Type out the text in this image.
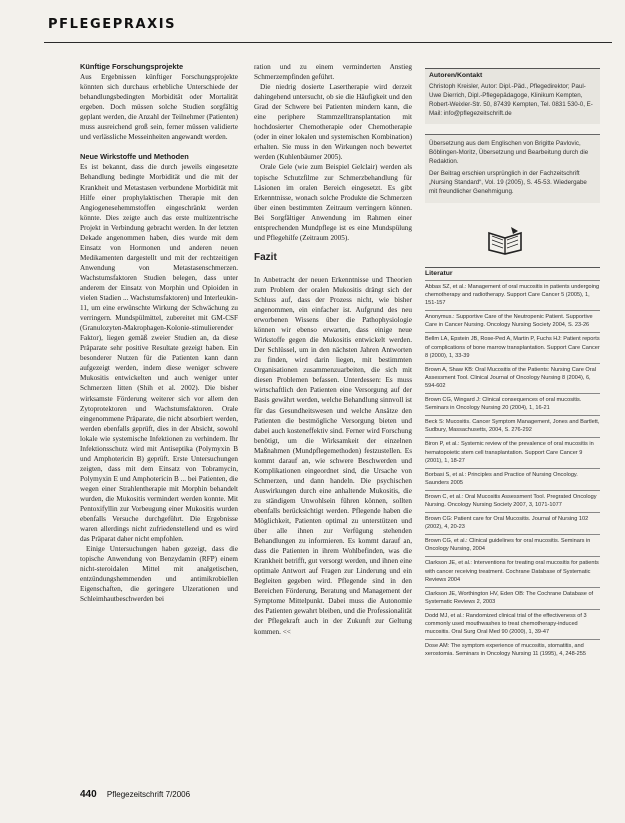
PFLEGEPRAXIS

Künftige Forschungsprojekte

Aus Ergebnissen künftiger Forschungsprojekte könnten sich durchaus erhebliche Unterschiede der behandlungsbedingten Morbidität oder Mortalität ergeben. Doch müssen solche Studien sorgfältig geplant werden, die Anzahl der Teilnehmer (Patienten) muss ausreichend groß sein, ferner müssen validierte und verlässliche Messeinheiten angewandt werden.

Neue Wirkstoffe und Methoden

Es ist bekannt, dass die durch jeweils eingesetzte Behandlung bedingte Morbidität und die mit der Krankheit und Metastasen verbundene Morbidität mit Hilfe einer prophylaktischen Therapie mit den Angiogenesehemmstoffen eingeschränkt werden könnte. Dies zeigte auch das erste multizentrische Projekt in Verbindung gebracht werden. In der letzten Dekade angenommen haben, dies wurde mit dem Einsatz von Hormonen und anderen neuen Medikamenten dargestellt und mit der rechtzeitigen Anwendung von Metastasenschmerzen. Wachstumsfaktoren Studien belegen, dass unter anderem der Einsatz von Morphin und Opioiden in vielen Stadien ... Wachstumsfaktoren) und Interleukin-11, um eine erwünschte Wirkung der Schwächung zu verringern. Mundspülmittel, zubereitet mit GM-CSF (Granulozyten-Makrophagen-Kolonie-stimulierender Faktor), liegen gemäß zweier Studien an, da diese Präparate sehr positive Resultate gezeigt haben. Ein besonderer Nutzen für die Patienten kann dann aufgezeigt werden, indem diese weniger schwere Mukositis entwickelten und auch weniger unter Schmerzen litten (Shih et al. 2002). Die bisher wirksamste Förderung weiterer sich vor allem den Zytoprotektoren und Wachstumsfaktoren. Orale eingenommene Präparate, die nicht absorbiert werden, werden ebenfalls geprüft, dies in der Absicht, sowohl lokale wie systemische Infektionen zu verhindern. Ihr Infektionsschutz wird mit Antiseptika (Polymyxin B und Amphotericin B) geprüft. Erste Untersuchungen zeigten, dass mit dem Einsatz von Tobramycin, Polymyxin E und Amphotericin B ... bei Patienten, die wegen einer Strahlentherapie mit Morphin behandelt wurden, die Mukositis vermindert werden konnte. Mit Pentoxifyllin zur Vorbeugung einer Mukositis wurden ebenfalls Versuche durchgeführt. Die Ergebnisse waren allerdings nicht zufriedenstellend und es wird das Präparat daher nicht empfohlen.

Einige Untersuchungen haben gezeigt, dass die topische Anwendung von Benzydamin (RFP) einem nicht-steroidalen Mittel mit analgetischen, entzündungshemmenden und antimikrobiellen Eigenschaften, die geringere Ulzerationen und Schleimhautbeschwerden bei

ration und zu einem verminderten Anstieg Schmerzempfinden geführt.

Die niedrig dosierte Lasertherapie wird derzeit dahingehend untersucht, ob sie die Häufigkeit und den Grad der Schwere bei Patienten mindern kann, die eine periphere Stammzelltransplantation mit hochdosierter Chemotherapie oder Chemotherapie (oder in einer lokalen und systemischen Kombination) erhalten. Sie muss in den Wirkungen noch bewertet werden (Kuhlenbäumer 2005).

Orale Gele (wie zum Beispiel Gelclair) werden als topische Schutzfilme zur Schmerzbehandlung für Läsionen im oralen Bereich eingesetzt. Es gibt Erkenntnisse, wonach solche Produkte die Schmerzen über einen bestimmten Zeitraum verringern können. Bei Sorgfältiger Anwendung im Rahmen einer entsprechenden Mundpflege ist es eine Mundspülung und Pflegehilfe (Zeitraum 2005).

Fazit

In Anbetracht der neuen Erkenntnisse und Theorien zum Problem der oralen Mukositis drängt sich der Schluss auf, dass der Prozess nicht, wie bisher angenommen, ein einfacher ist. Aufgrund des neu erworbenen Wissens über die Pathophysiologie können wir ebenso erwarten, dass einige neue Wirkstoffe gegen die Mukositis entwickelt werden. Der Schlüssel, um in den nächsten Jahren Antworten zu finden, wird darin liegen, mit bestimmten Organisationen zusammenzuarbeiten, die sich mit diesen Problemen befassen. Unterdessen: Es muss wirtschaftlich den Patienten eine Versorgung auf der Basis gewährt werden, welche Behandlung sinnvoll ist für das Gesundheitswesen und welche Ansätze den Patienten die bestmögliche Versorgung bieten und dabei auch kosteneffektiv sind. Ferner wird Forschung benötigt, um die Wirksamkeit der einzelnen Maßnahmen (Mundpflegemethoden) festzustellen. Es kommt darauf an, wie schwere Beschwerden und Komplikationen eingeordnet sind, die Ursache von Schmerzen, und dann handeln. Die psychischen Auswirkungen durch eine anhaltende Mukositis, die zu ständigem Unwohlsein führen können, sollten ebenfalls berücksichtigt werden. Pflegende haben die Möglichkeit, Patienten optimal zu unterstützen und über alle ihnen zur Verfügung stehenden Behandlungen zu informieren. Es kommt darauf an, dass die Patienten in ihrem Wohlbefinden, was die Krankheit betrifft, gut versorgt werden, und ihnen eine optimale Antwort auf Fragen zur Linderung und ein Begleiten gegeben wird. Pflegende sind in den Bereichen Förderung, Beratung und Management der Symptome Mittelpunkt. Dabei muss die Autonomie des Patienten gewahrt bleiben, und die Professionalität der Pflegekraft auch in der Zukunft zur Geltung kommen. <<

Autoren/Kontakt

Christoph Kreisler, Autor: Dipl.-Päd., Pflegedirektor; Paul-Uwe Dierrich, Dipl.-Pflegepädagoge, Klinikum Kempten, Robert-Weixler-Str. 50, 87439 Kempten, Tel. 0831 530-0, E-Mail: info@pflegezeitschrift.de

Übersetzung aus dem Englischen von Brigitte Pavlovic, Böblingen-Moritz, Übersetzung und Bearbeitung durch die Redaktion.

Der Beitrag erschien ursprünglich in der Fachzeitschrift „Nursing Standard“, Vol. 19 (2005), S. 45-53. Wiedergabe mit freundlicher Genehmigung.

Literatur

Abbas SZ, et al.: Management of oral mucositis in patients undergoing chemotherapy and radiotherapy. Support Care Cancer 5 (2005), 1, 151-157

Anonymus.: Supportive Care of the Neutropenic Patient. Supportive Care in Cancer Nursing. Oncology Nursing Society 2004, S. 23-26

Bellm LA, Epstein JB, Rose-Ped A, Martin P, Fuchs HJ: Patient reports of complications of bone marrow transplantation. Support Care Cancer 8 (2000), 1, 33-39

Brown A, Shaw KB: Oral Mucositis of the Patients: Nursing Care Oral Assessment Tool. Clinical Journal of Oncology Nursing 8 (2004), 6, 594-602

Brown CG, Wingard J: Clinical consequences of oral mucositis. Seminars in Oncology Nursing 20 (2004), 1, 16-21

Beck S: Mucositis. Cancer Symptom Management, Jones and Bartlett, Sudbury, Massachusetts, 2004, S. 276-292

Biron P, et al.: Systemic review of the prevalence of oral mucositis in hematopoietic stem cell transplantation. Support Care Cancer 9 (2001), 1, 18-27

Borbasi S, et al.: Principles and Practice of Nursing Oncology. Saunders 2005

Brown C, et al.: Oral Mucositis Assessment Tool. Pregrated Oncology Nursing. Oncology Nursing Society 2007, 3, 1071-1077

Brown CG: Patient care for Oral Mucositis. Journal of Nursing 102 (2002), 4, 20-23

Brown CG, et al.: Clinical guidelines for oral mucositis. Seminars in Oncology Nursing, 2004

Clarkson JE, et al.: Interventions for treating oral mucositis for patients with cancer receiving treatment. Cochrane Database of Systematic Reviews 2004

Clarkson JE, Worthington HV, Eden OB: The Cochrane Database of Systematic Reviews 2, 2003

Dodd MJ, et al.: Randomized clinical trial of the effectiveness of 3 commonly used mouthwashes to treat chemotherapy-induced mucositis. Oral Surg Oral Med 90 (2000), 1, 39-47

Dose AM: The symptom experience of mucositis, stomatitis, and xerostomia. Seminars in Oncology Nursing 11 (1995), 4, 248-255

440 Pflegezeitschrift 7/2006
